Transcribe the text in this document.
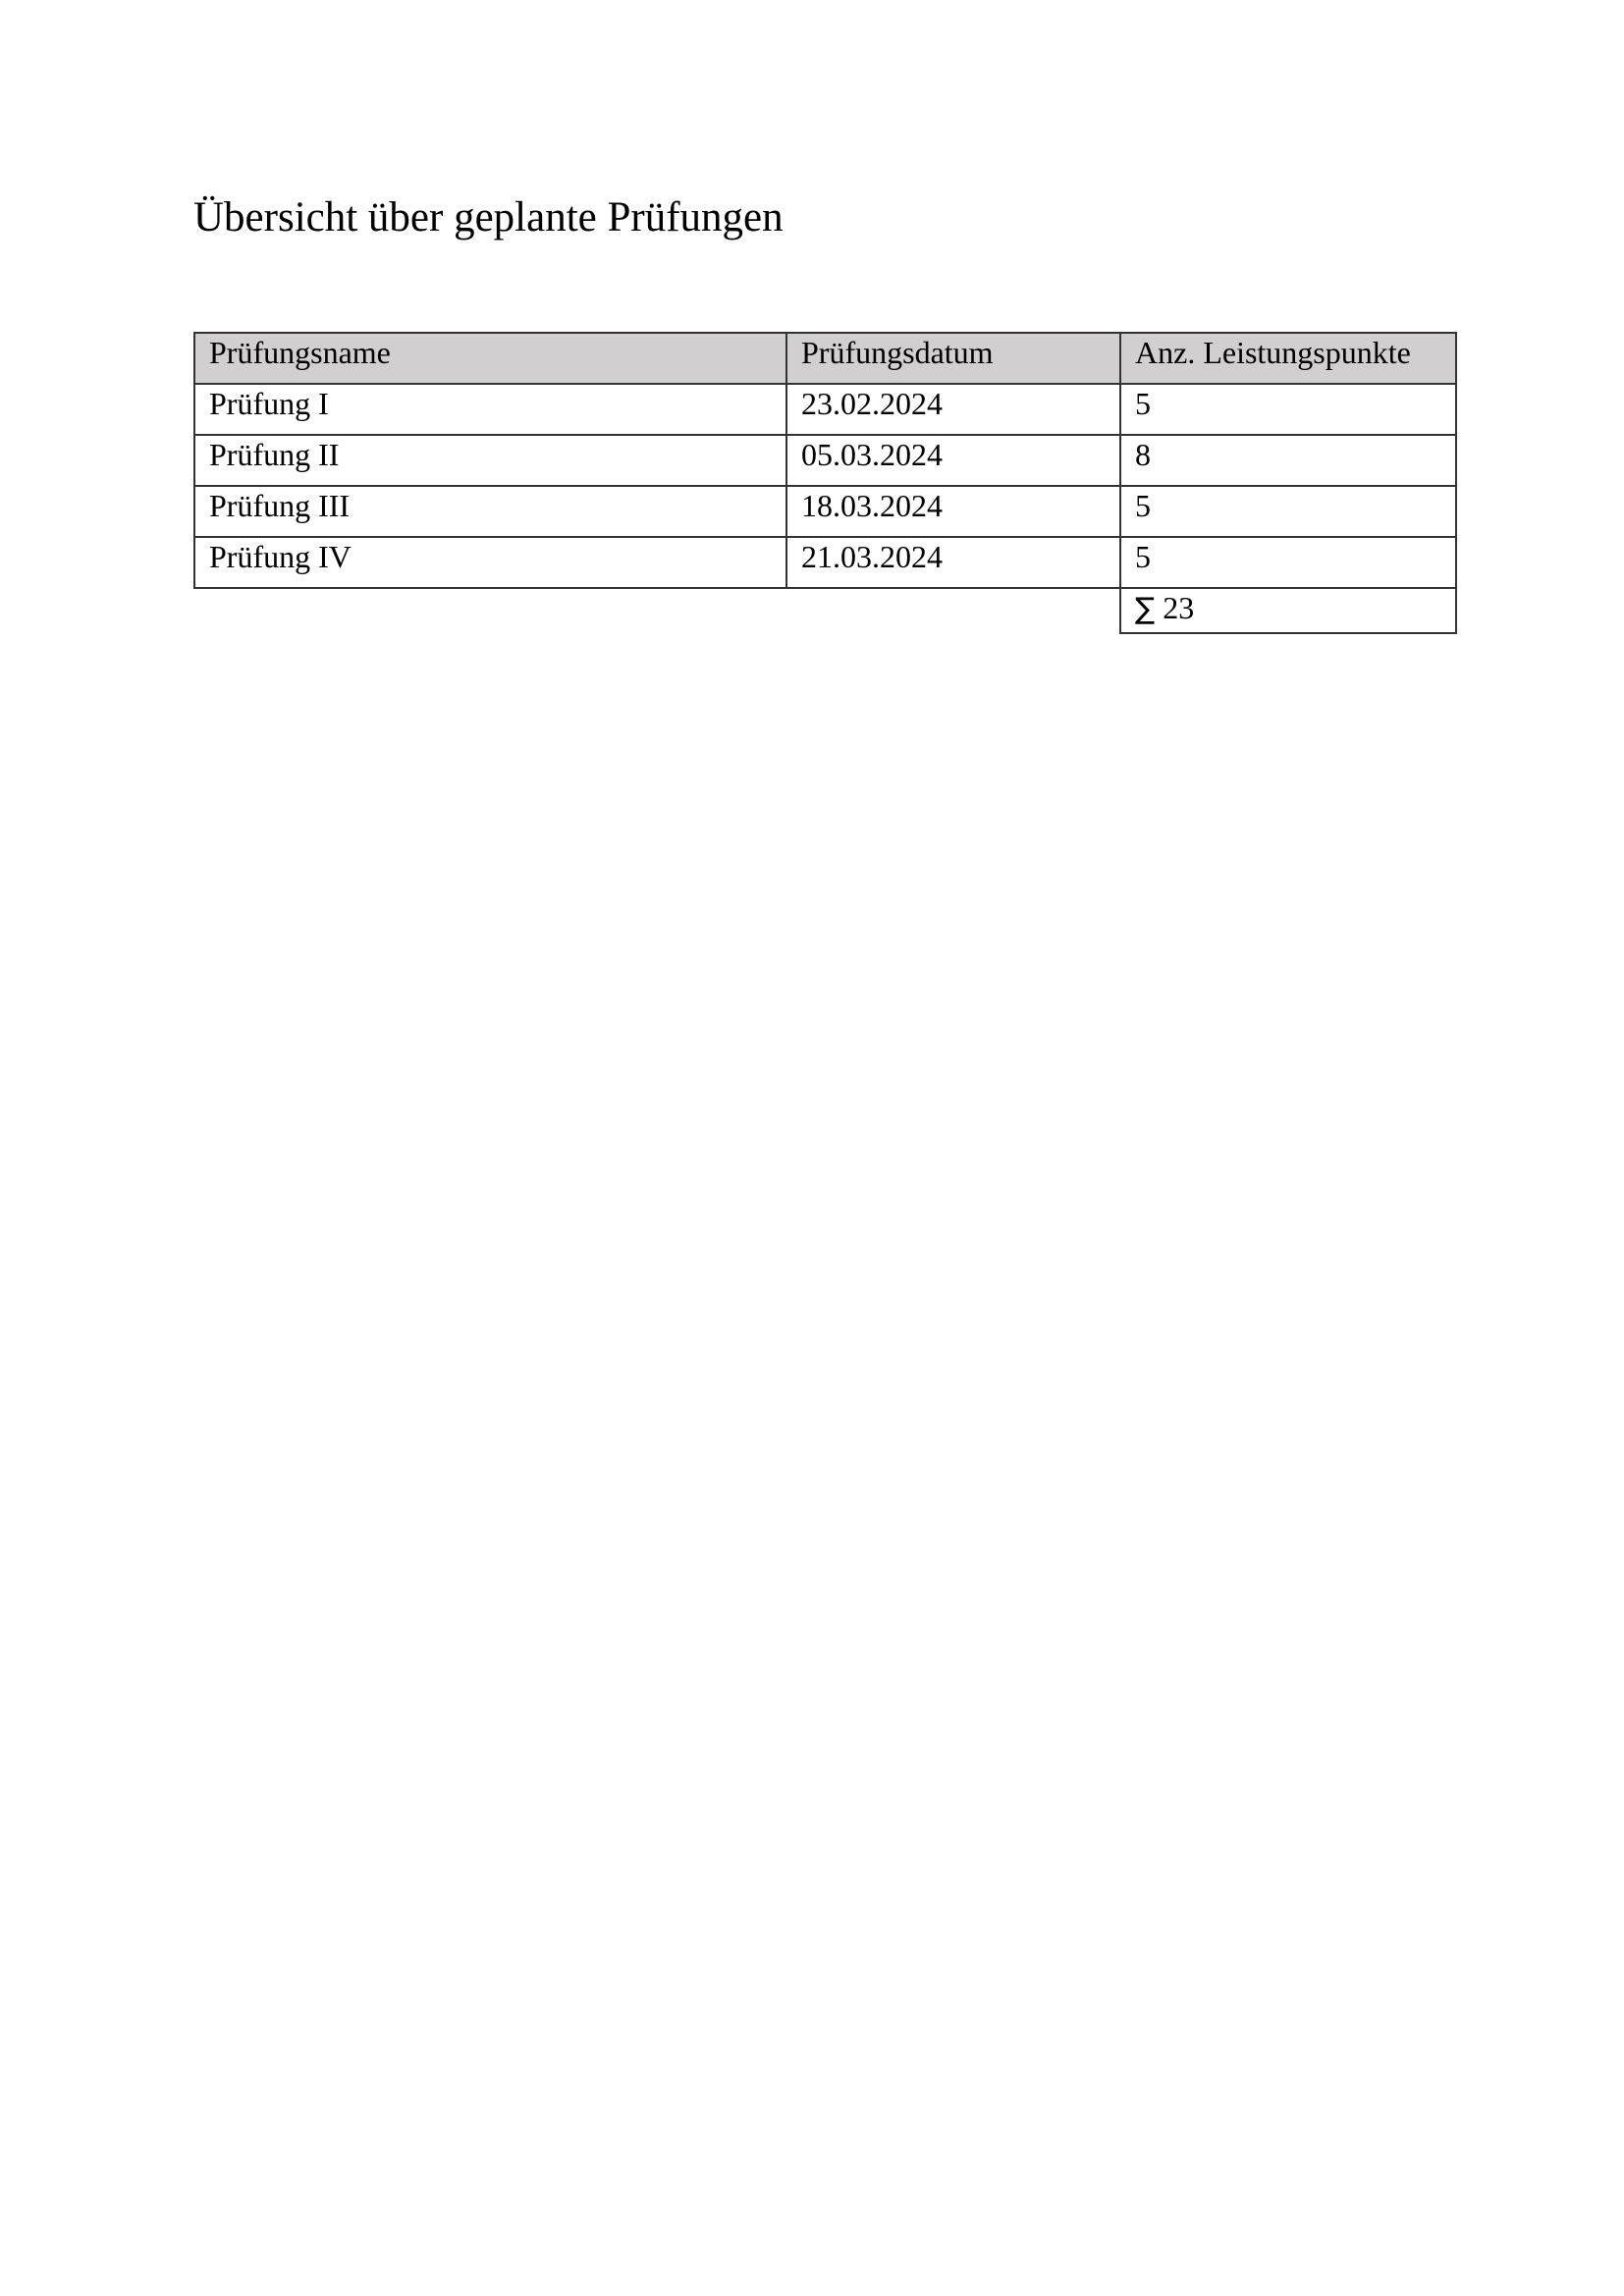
Übersicht über geplante Prüfungen
Prüfungsname	Prüfungsdatum	Anz. Leistungspunkte
Prüfung I	23.02.2024	5
Prüfung II	05.03.2024	8
Prüfung III	18.03.2024	5
Prüfung IV	21.03.2024	5
		∑ 23
